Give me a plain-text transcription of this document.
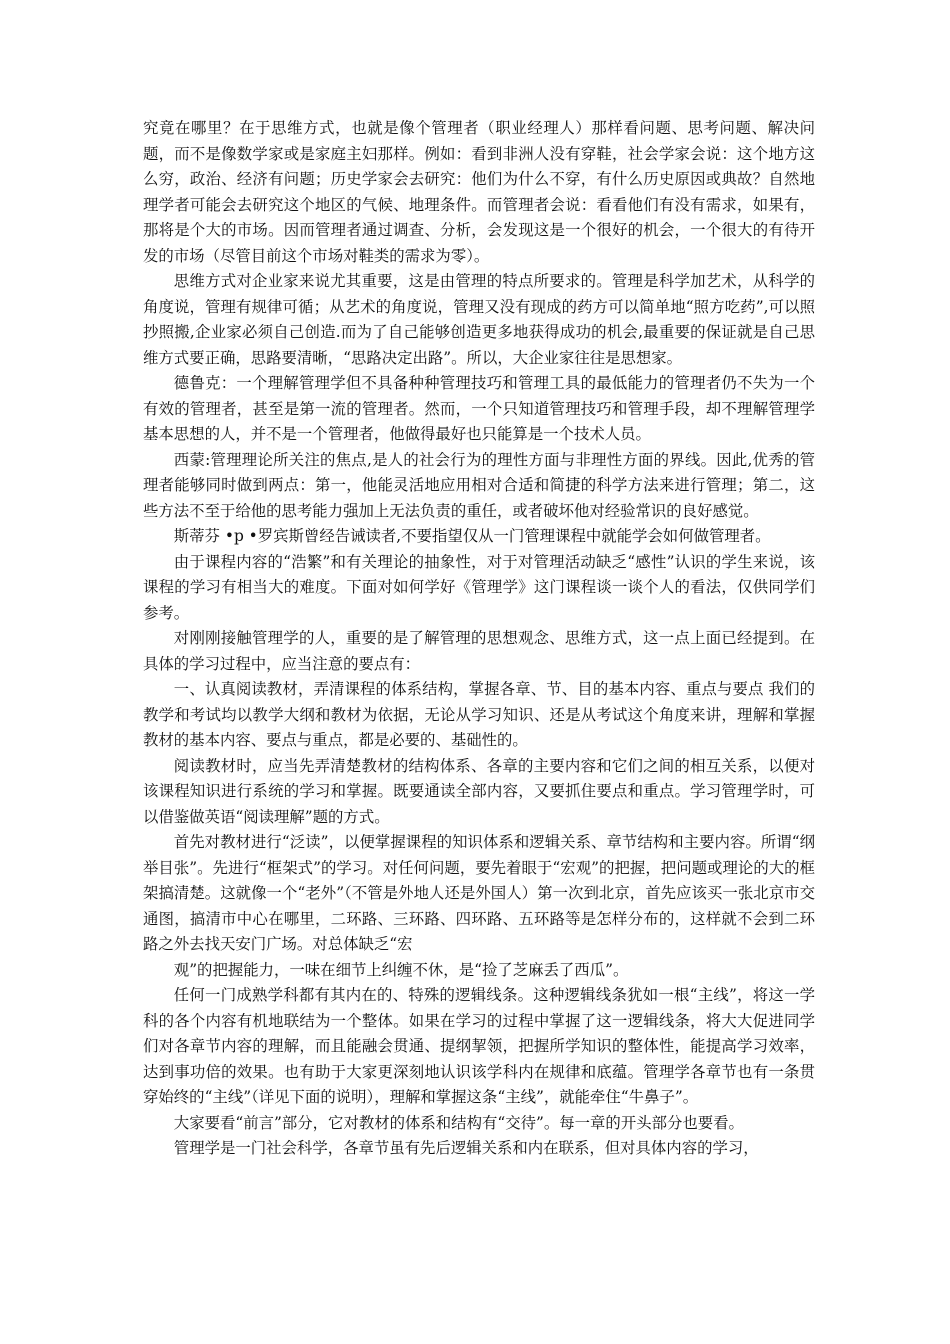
究竟在哪里？在于思维方式，也就是像个管理者（职业经理人）那样看问题、思考问题、解决问题，而不是像数学家或是家庭主妇那样。例如：看到非洲人没有穿鞋，社会学家会说：这个地方这么穷，政治、经济有问题；历史学家会去研究：他们为什么不穿，有什么历史原因或典故？自然地理学者可能会去研究这个地区的气候、地理条件。而管理者会说：看看他们有没有需求，如果有，那将是个大的市场。因而管理者通过调查、分析，会发现这是一个很好的机会，一个很大的有待开发的市场（尽管目前这个市场对鞋类的需求为零）。

思维方式对企业家来说尤其重要，这是由管理的特点所要求的。管理是科学加艺术，从科学的角度说，管理有规律可循；从艺术的角度说，管理又没有现成的药方可以简单地“照方吃药”,可以照抄照搬,企业家必须自己创造.而为了自己能够创造更多地获得成功的机会,最重要的保证就是自己思维方式要正确，思路要清晰，“思路决定出路”。所以，大企业家往往是思想家。

德鲁克：一个理解管理学但不具备种种管理技巧和管理工具的最低能力的管理者仍不失为一个有效的管理者，甚至是第一流的管理者。然而，一个只知道管理技巧和管理手段，却不理解管理学基本思想的人，并不是一个管理者，他做得最好也只能算是一个技术人员。

西蒙:管理理论所关注的焦点,是人的社会行为的理性方面与非理性方面的界线。因此,优秀的管理者能够同时做到两点：第一，他能灵活地应用相对合适和简捷的科学方法来进行管理；第二，这些方法不至于给他的思考能力强加上无法负责的重任，或者破坏他对经验常识的良好感觉。

斯蒂芬 •p •罗宾斯曾经告诫读者,不要指望仅从一门管理课程中就能学会如何做管理者。

由于课程内容的“浩繁”和有关理论的抽象性，对于对管理活动缺乏“感性”认识的学生来说，该课程的学习有相当大的难度。下面对如何学好《管理学》这门课程谈一谈个人的看法，仅供同学们参考。

对刚刚接触管理学的人，重要的是了解管理的思想观念、思维方式，这一点上面已经提到。在具体的学习过程中，应当注意的要点有：

一、认真阅读教材，弄清课程的体系结构，掌握各章、节、目的基本内容、重点与要点 我们的教学和考试均以教学大纲和教材为依据，无论从学习知识、还是从考试这个角度来讲，理解和掌握教材的基本内容、要点与重点，都是必要的、基础性的。

阅读教材时，应当先弄清楚教材的结构体系、各章的主要内容和它们之间的相互关系，以便对该课程知识进行系统的学习和掌握。既要通读全部内容，又要抓住要点和重点。学习管理学时，可以借鉴做英语“阅读理解”题的方式。

首先对教材进行“泛读”，以便掌握课程的知识体系和逻辑关系、章节结构和主要内容。所谓“纲举目张”。先进行“框架式”的学习。对任何问题，要先着眼于“宏观”的把握，把问题或理论的大的框架搞清楚。这就像一个“老外”（不管是外地人还是外国人）第一次到北京，首先应该买一张北京市交通图，搞清市中心在哪里，二环路、三环路、四环路、五环路等是怎样分布的，这样就不会到二环路之外去找天安门广场。对总体缺乏“宏

观”的把握能力，一味在细节上纠缠不休，是“捡了芝麻丢了西瓜”。

任何一门成熟学科都有其内在的、特殊的逻辑线条。这种逻辑线条犹如一根“主线”，将这一学科的各个内容有机地联结为一个整体。如果在学习的过程中掌握了这一逻辑线条，将大大促进同学们对各章节内容的理解，而且能融会贯通、提纲挈领，把握所学知识的整体性，能提高学习效率，达到事功倍的效果。也有助于大家更深刻地认识该学科内在规律和底蕴。管理学各章节也有一条贯穿始终的“主线”（详见下面的说明），理解和掌握这条“主线”，就能牵住“牛鼻子”。

大家要看“前言”部分，它对教材的体系和结构有“交待”。每一章的开头部分也要看。

管理学是一门社会科学，各章节虽有先后逻辑关系和内在联系，但对具体内容的学习，
